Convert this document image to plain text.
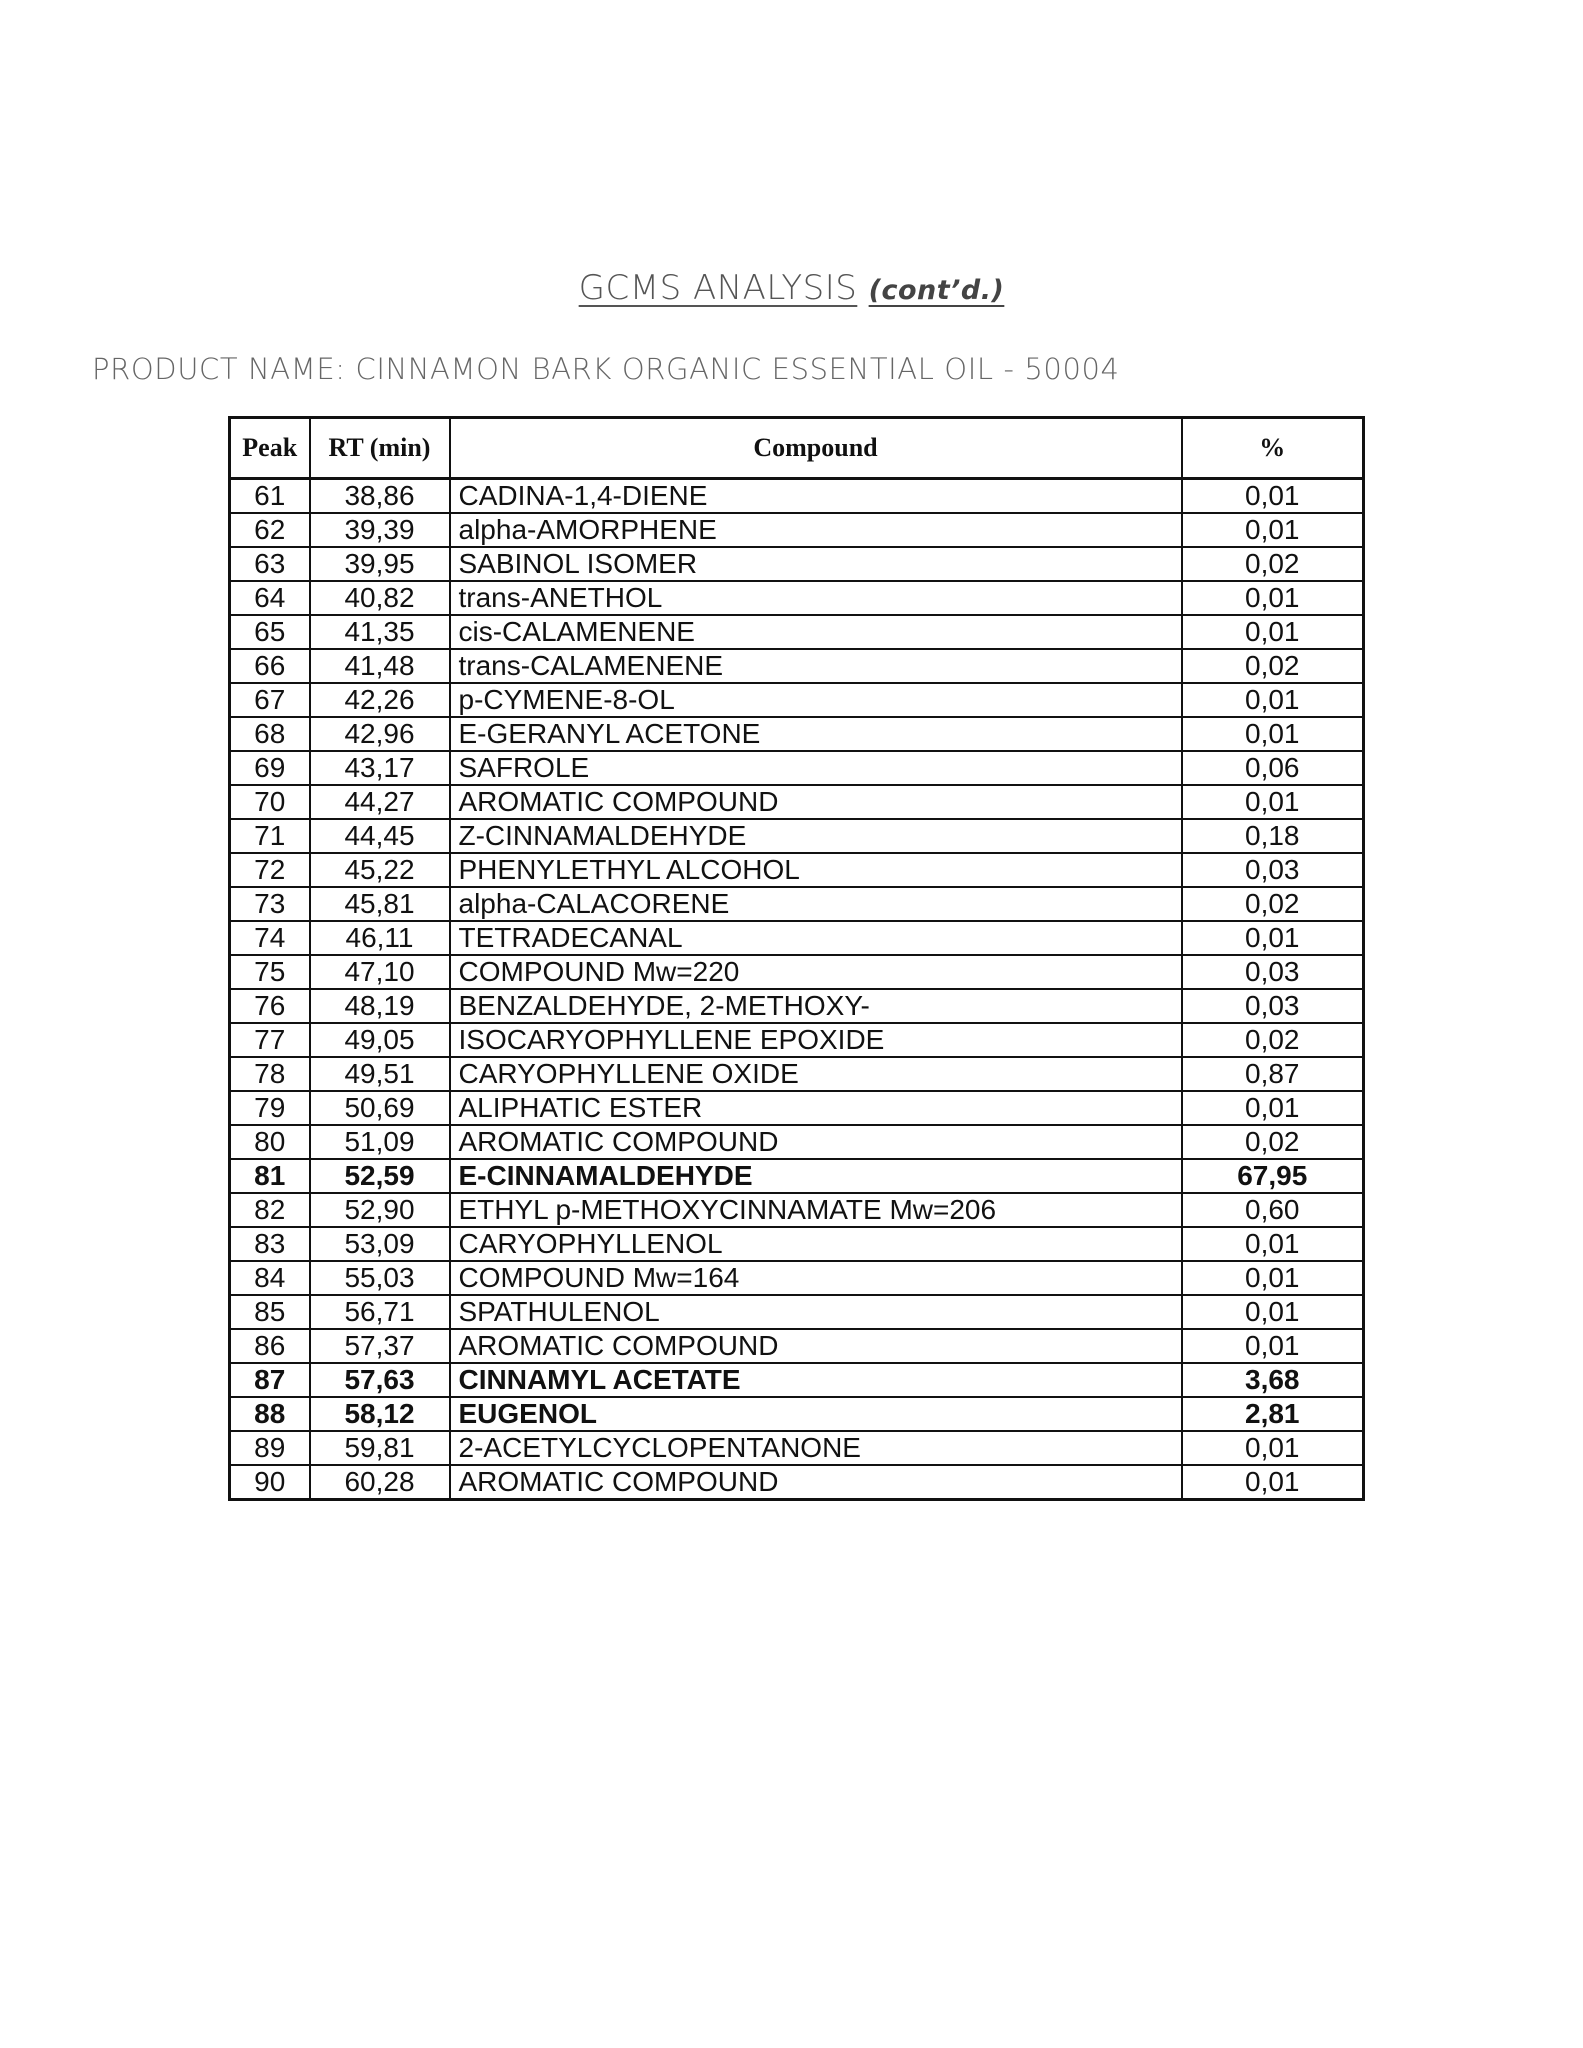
GCMS ANALYSIS (cont’d.)
PRODUCT NAME: CINNAMON BARK ORGANIC ESSENTIAL OIL - 50004
Peak	RT (min)	Compound	%
61	38,86	CADINA-1,4-DIENE	0,01
62	39,39	alpha-AMORPHENE	0,01
63	39,95	SABINOL ISOMER	0,02
64	40,82	trans-ANETHOL	0,01
65	41,35	cis-CALAMENENE	0,01
66	41,48	trans-CALAMENENE	0,02
67	42,26	p-CYMENE-8-OL	0,01
68	42,96	E-GERANYL ACETONE	0,01
69	43,17	SAFROLE	0,06
70	44,27	AROMATIC COMPOUND	0,01
71	44,45	Z-CINNAMALDEHYDE	0,18
72	45,22	PHENYLETHYL ALCOHOL	0,03
73	45,81	alpha-CALACORENE	0,02
74	46,11	TETRADECANAL	0,01
75	47,10	COMPOUND Mw=220	0,03
76	48,19	BENZALDEHYDE, 2-METHOXY-	0,03
77	49,05	ISOCARYOPHYLLENE EPOXIDE	0,02
78	49,51	CARYOPHYLLENE OXIDE	0,87
79	50,69	ALIPHATIC ESTER	0,01
80	51,09	AROMATIC COMPOUND	0,02
81	52,59	E-CINNAMALDEHYDE	67,95
82	52,90	ETHYL p-METHOXYCINNAMATE Mw=206	0,60
83	53,09	CARYOPHYLLENOL	0,01
84	55,03	COMPOUND Mw=164	0,01
85	56,71	SPATHULENOL	0,01
86	57,37	AROMATIC COMPOUND	0,01
87	57,63	CINNAMYL ACETATE	3,68
88	58,12	EUGENOL	2,81
89	59,81	2-ACETYLCYCLOPENTANONE	0,01
90	60,28	AROMATIC COMPOUND	0,01
